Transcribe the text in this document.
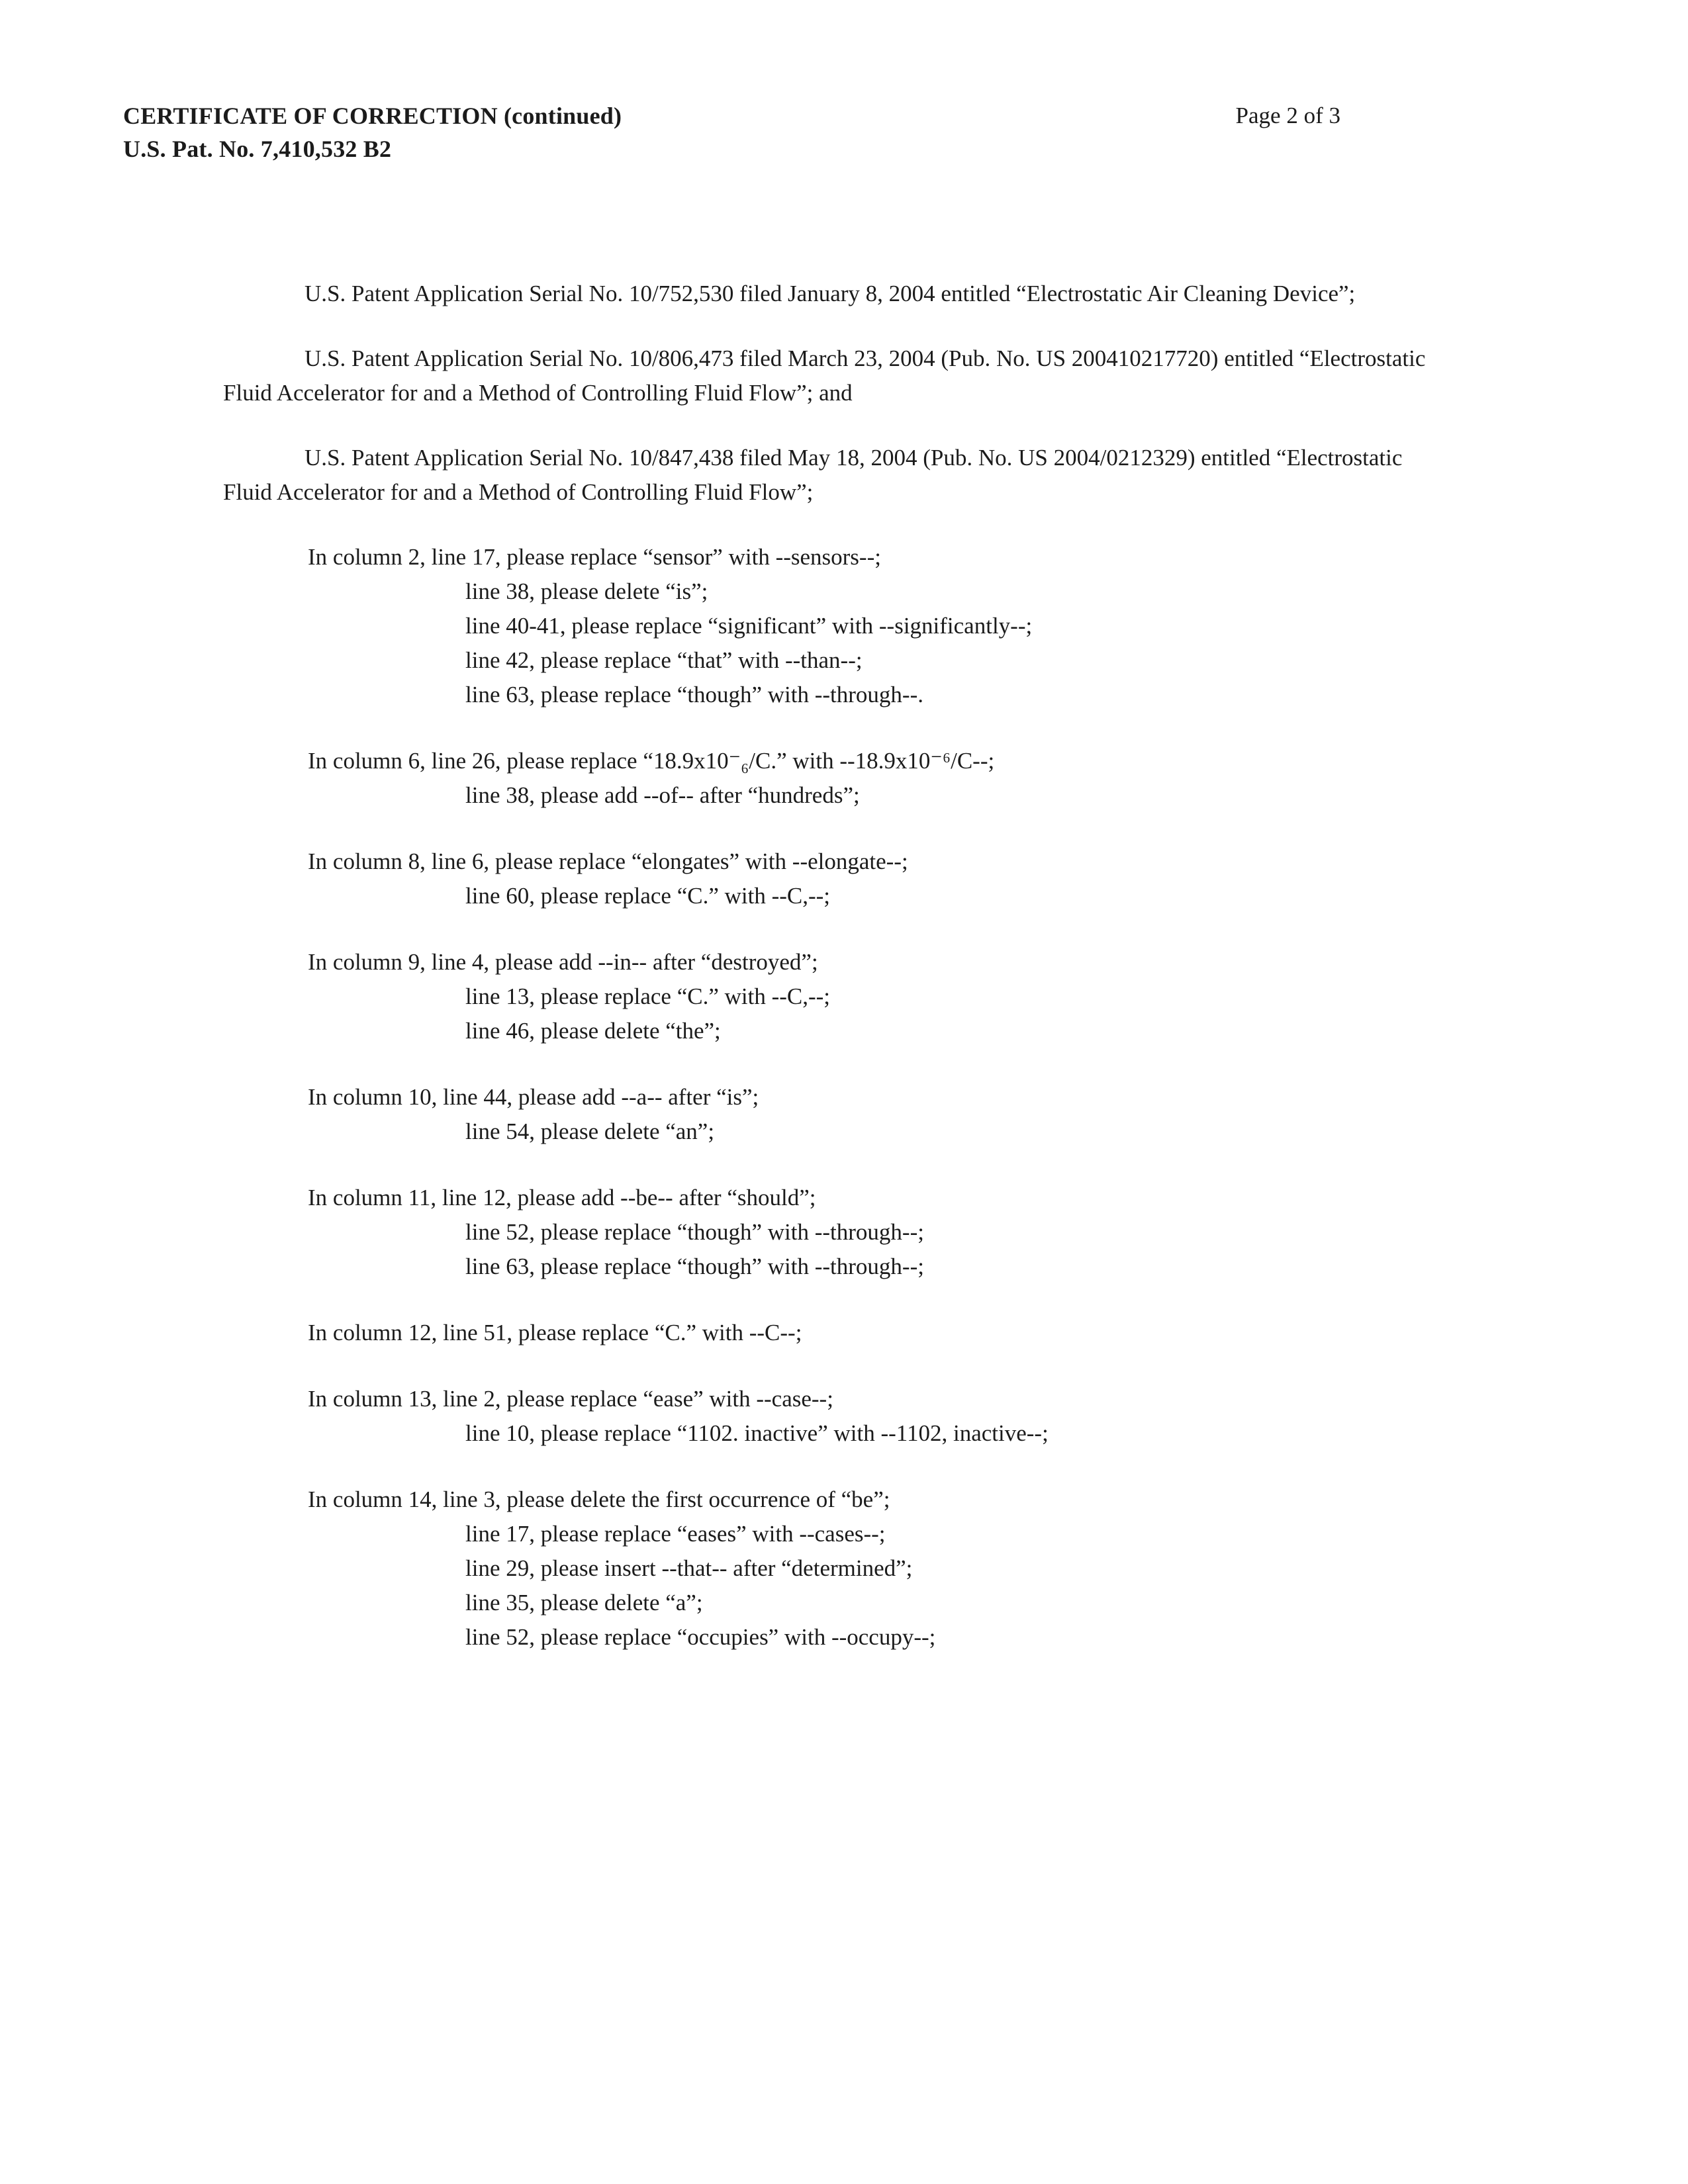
CERTIFICATE OF CORRECTION (continued)
U.S. Pat. No. 7,410,532 B2
Page 2 of 3

U.S. Patent Application Serial No. 10/752,530 filed January 8, 2004 entitled “Electrostatic Air Cleaning Device”;

U.S. Patent Application Serial No. 10/806,473 filed March 23, 2004 (Pub. No. US 200410217720) entitled “Electrostatic Fluid Accelerator for and a Method of Controlling Fluid Flow”; and

U.S. Patent Application Serial No. 10/847,438 filed May 18, 2004 (Pub. No. US 2004/0212329) entitled “Electrostatic Fluid Accelerator for and a Method of Controlling Fluid Flow”;

In column 2, line 17, please replace “sensor” with --sensors--;
line 38, please delete “is”;
line 40-41, please replace “significant” with --significantly--;
line 42, please replace “that” with --than--;
line 63, please replace “though” with --through--.
In column 6, line 26, please replace “18.9x10⁻₆/C.” with --18.9x10⁻⁶/C--;
line 38, please add --of-- after “hundreds”;
In column 8, line 6, please replace “elongates” with --elongate--;
line 60, please replace “C.” with --C,--;
In column 9, line 4, please add --in-- after “destroyed”;
line 13, please replace “C.” with --C,--;
line 46, please delete “the”;
In column 10, line 44, please add --a-- after “is”;
line 54, please delete “an”;
In column 11, line 12, please add --be-- after “should”;
line 52, please replace “though” with --through--;
line 63, please replace “though” with --through--;
In column 12, line 51, please replace “C.” with --C--;
In column 13, line 2, please replace “ease” with --case--;
line 10, please replace “1102. inactive” with --1102, inactive--;
In column 14, line 3, please delete the first occurrence of “be”;
line 17, please replace “eases” with --cases--;
line 29, please insert --that-- after “determined”;
line 35, please delete “a”;
line 52, please replace “occupies” with --occupy--;
